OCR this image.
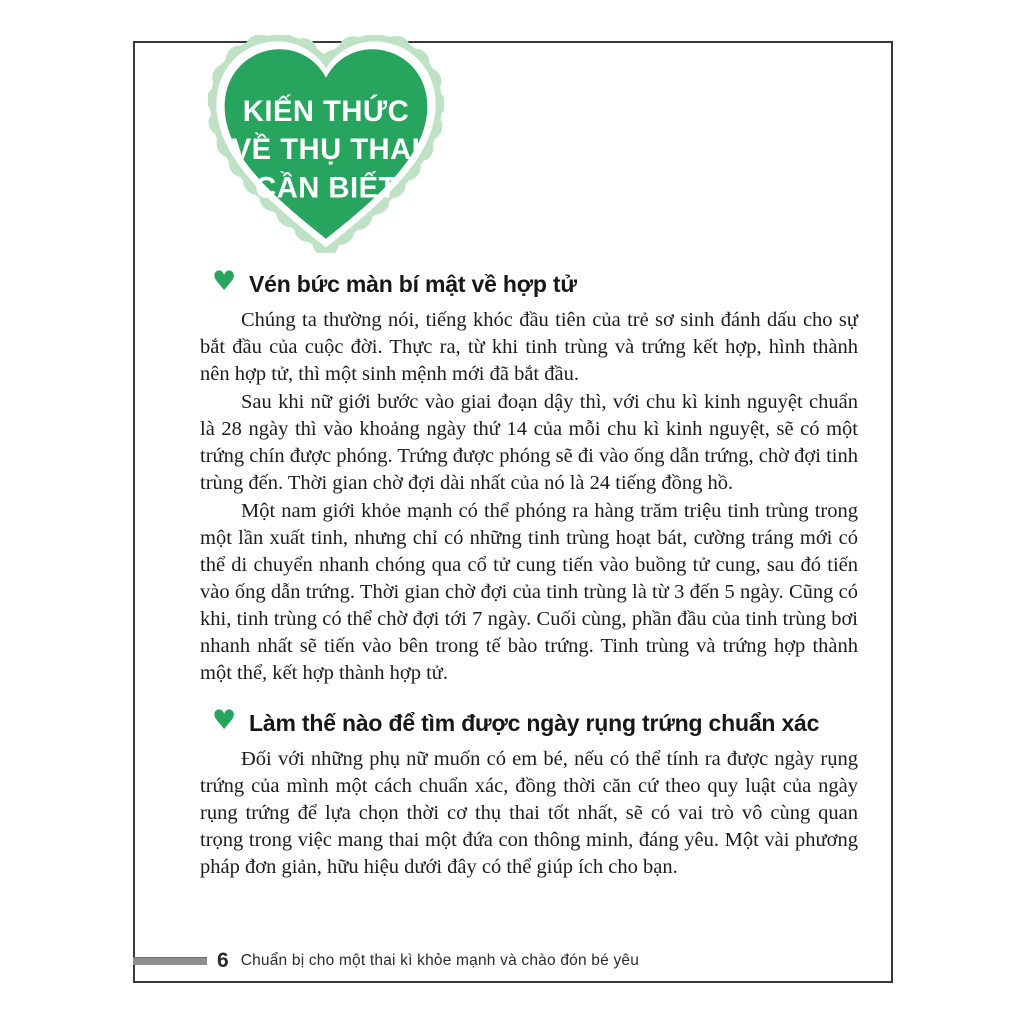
KIẾN THỨC
VỀ THỤ THAI
CẦN BIẾT
♥ Vén bức màn bí mật về hợp tử

Chúng ta thường nói, tiếng khóc đầu tiên của trẻ sơ sinh đánh dấu cho sự bắt đầu của cuộc đời. Thực ra, từ khi tinh trùng và trứng kết hợp, hình thành nên hợp tử, thì một sinh mệnh mới đã bắt đầu.

Sau khi nữ giới bước vào giai đoạn dậy thì, với chu kì kinh nguyệt chuẩn là 28 ngày thì vào khoảng ngày thứ 14 của mỗi chu kì kinh nguyệt, sẽ có một trứng chín được phóng. Trứng được phóng sẽ đi vào ống dẫn trứng, chờ đợi tinh trùng đến. Thời gian chờ đợi dài nhất của nó là 24 tiếng đồng hồ.

Một nam giới khỏe mạnh có thể phóng ra hàng trăm triệu tinh trùng trong một lần xuất tinh, nhưng chỉ có những tinh trùng hoạt bát, cường tráng mới có thể di chuyển nhanh chóng qua cổ tử cung tiến vào buồng tử cung, sau đó tiến vào ống dẫn trứng. Thời gian chờ đợi của tinh trùng là từ 3 đến 5 ngày. Cũng có khi, tinh trùng có thể chờ đợi tới 7 ngày. Cuối cùng, phần đầu của tinh trùng bơi nhanh nhất sẽ tiến vào bên trong tế bào trứng. Tinh trùng và trứng hợp thành một thể, kết hợp thành hợp tử.

♥ Làm thế nào để tìm được ngày rụng trứng chuẩn xác

Đối với những phụ nữ muốn có em bé, nếu có thể tính ra được ngày rụng trứng của mình một cách chuẩn xác, đồng thời căn cứ theo quy luật của ngày rụng trứng để lựa chọn thời cơ thụ thai tốt nhất, sẽ có vai trò vô cùng quan trọng trong việc mang thai một đứa con thông minh, đáng yêu. Một vài phương pháp đơn giản, hữu hiệu dưới đây có thể giúp ích cho bạn.

6 Chuẩn bị cho một thai kì khỏe mạnh và chào đón bé yêu
